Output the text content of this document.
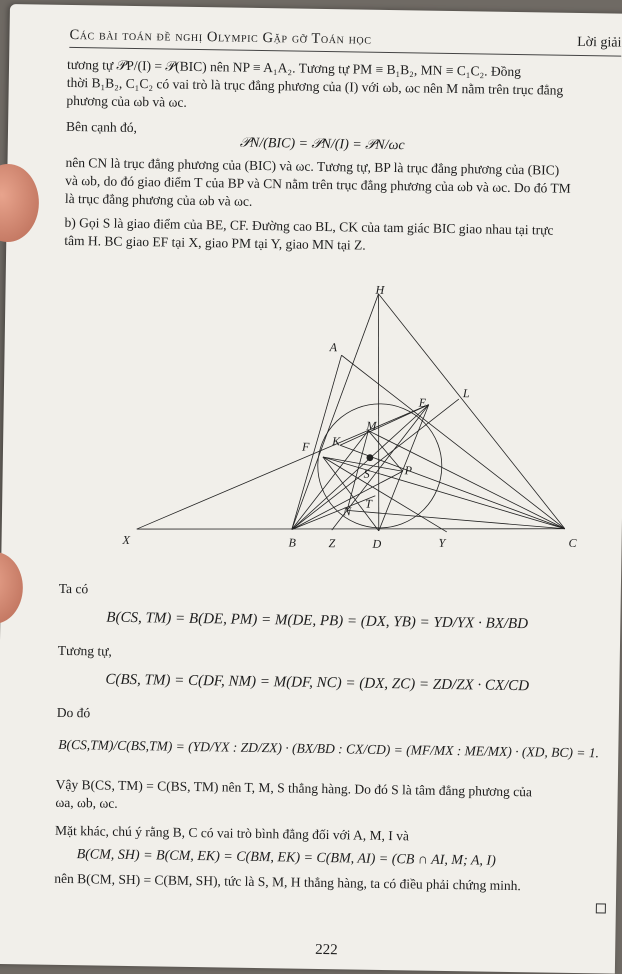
Các bài toán đề nghị Olympic Gặp gỡ Toán học	Lời giải
tương tự 𝒫P/(I) = 𝒫(BIC) nên NP ≡ A₁A₂. Tương tự PM ≡ B₁B₂, MN ≡ C₁C₂. Đồng
thời B₁B₂, C₁C₂ có vai trò là trục đẳng phương của (I) với ωb, ωc nên M nằm trên trục đẳng
phương của ωb và ωc.
Bên cạnh đó,
𝒫N/(BIC) = 𝒫N/(I) = 𝒫N/ωc
nên CN là trục đẳng phương của (BIC) và ωc. Tương tự, BP là trục đẳng phương của (BIC)
và ωb, do đó giao điểm T của BP và CN nằm trên trục đẳng phương của ωb và ωc. Do đó TM
là trục đẳng phương của ωb và ωc.
b) Gọi S là giao điểm của BE, CF. Đường cao BL, CK của tam giác BIC giao nhau tại trực
tâm H. BC giao EF tại X, giao PM tại Y, giao MN tại Z.
H
A
L
E
M
F K
P
S
T
N
X	B	Z	D	Y	C
Ta có
B(CS, TM) = B(DE, PM) = M(DE, PB) = (DX, YB) = YD/YX · BX/BD
Tương tự,
C(BS, TM) = C(DF, NM) = M(DF, NC) = (DX, ZC) = ZD/ZX · CX/CD
Do đó
B(CS,TM)/C(BS,TM) = (YD/YX : ZD/ZX) · (BX/BD : CX/CD) = (MF/MX : ME/MX) · (XD, BC) = 1.
Vậy B(CS, TM) = C(BS, TM) nên T, M, S thẳng hàng. Do đó S là tâm đẳng phương của
ωa, ωb, ωc.
Mặt khác, chú ý rằng B, C có vai trò bình đẳng đối với A, M, I và
B(CM, SH) = B(CM, EK) = C(BM, EK) = C(BM, AI) = (CB ∩ AI, M; A, I)
nên B(CM, SH) = C(BM, SH), tức là S, M, H thẳng hàng, ta có điều phải chứng minh.
222
